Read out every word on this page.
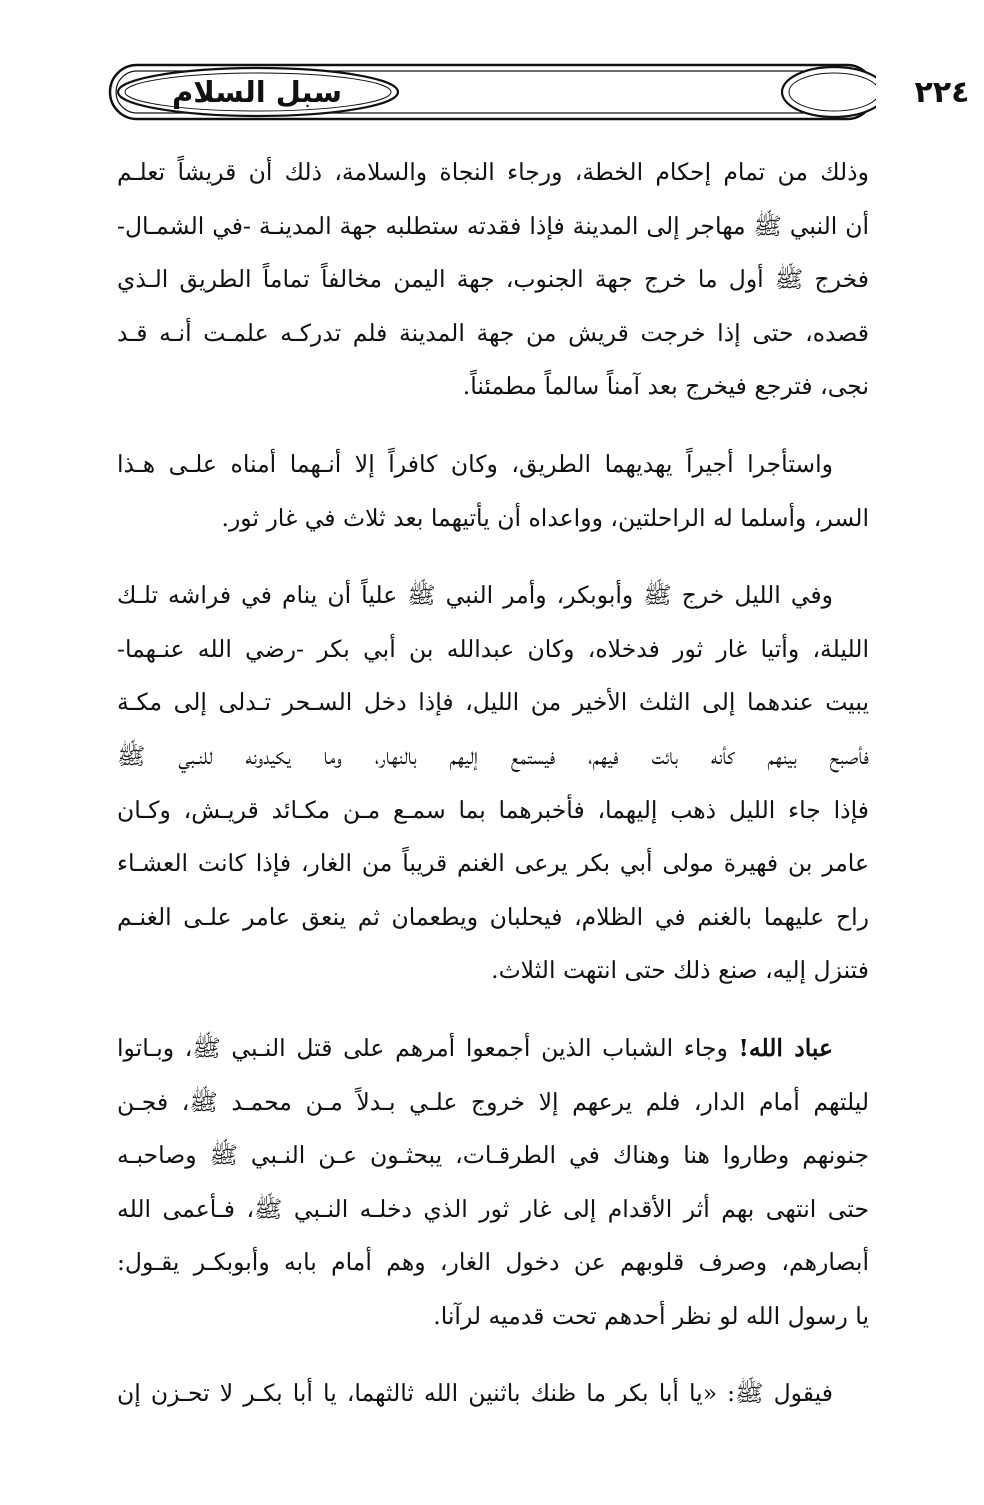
٢٢٤
سبل السلام
وذلك من تمام إحكام الخطة، ورجاء النجاة والسلامة، ذلك أن قريشاً تعلـم
أن النبي ﷺ مهاجر إلى المدينة فإذا فقدته ستطلبه جهة المدينـة -في الشمـال-
فخرج ﷺ أول ما خرج جهة الجنوب، جهة اليمن مخالفاً تماماً الطريق الـذي
قصده، حتى إذا خرجت قريش من جهة المدينة فلم تدركـه علمـت أنـه قـد
نجى، فترجع فيخرج بعد آمناً سالماً مطمئناً.
واستأجرا أجيراً يهديهما الطريق، وكان كافراً إلا أنـهما أمناه علـى هـذا
السر، وأسلما له الراحلتين، وواعداه أن يأتيهما بعد ثلاث في غار ثور.
وفي الليل خرج ﷺ وأبوبكر، وأمر النبي ﷺ علياً أن ينام في فراشه تلـك
الليلة، وأتيا غار ثور فدخلاه، وكان عبدالله بن أبي بكر -رضي الله عنـهما-
يبيت عندهما إلى الثلث الأخير من الليل، فإذا دخل السـحر تـدلى إلى مكـة
فأصبح بينهم كأنه بائت فيهم، فيستمع إليهم بالنهار، وما يكيدونه للنـبي ﷺ
فإذا جاء الليل ذهب إليهما، فأخبرهما بما سمـع مـن مكـائد قريـش، وكـان
عامر بن فهيرة مولى أبي بكر يرعى الغنم قريباً من الغار، فإذا كانت العشـاء
راح عليهما بالغنم في الظلام، فيحلبان ويطعمان ثم ينعق عامر علـى الغنـم
فتنزل إليه، صنع ذلك حتى انتهت الثلاث.
عباد الله! وجاء الشباب الذين أجمعوا أمرهم على قتل النـبي ﷺ، وبـاتوا
ليلتهم أمام الدار، فلم يرعهم إلا خروج علـي بـدلاً مـن محمـد ﷺ، فجـن
جنونهم وطاروا هنا وهناك في الطرقـات، يبحثـون عـن النـبي ﷺ وصاحبـه
حتى انتهى بهم أثر الأقدام إلى غار ثور الذي دخلـه النـبي ﷺ، فـأعمى الله
أبصارهم، وصرف قلوبهم عن دخول الغار، وهم أمام بابه وأبوبكـر يقـول:
يا رسول الله لو نظر أحدهم تحت قدميه لرآنا.
فيقول ﷺ: «يا أبا بكر ما ظنك باثنين الله ثالثهما، يا أبا بكـر لا تحـزن إن
